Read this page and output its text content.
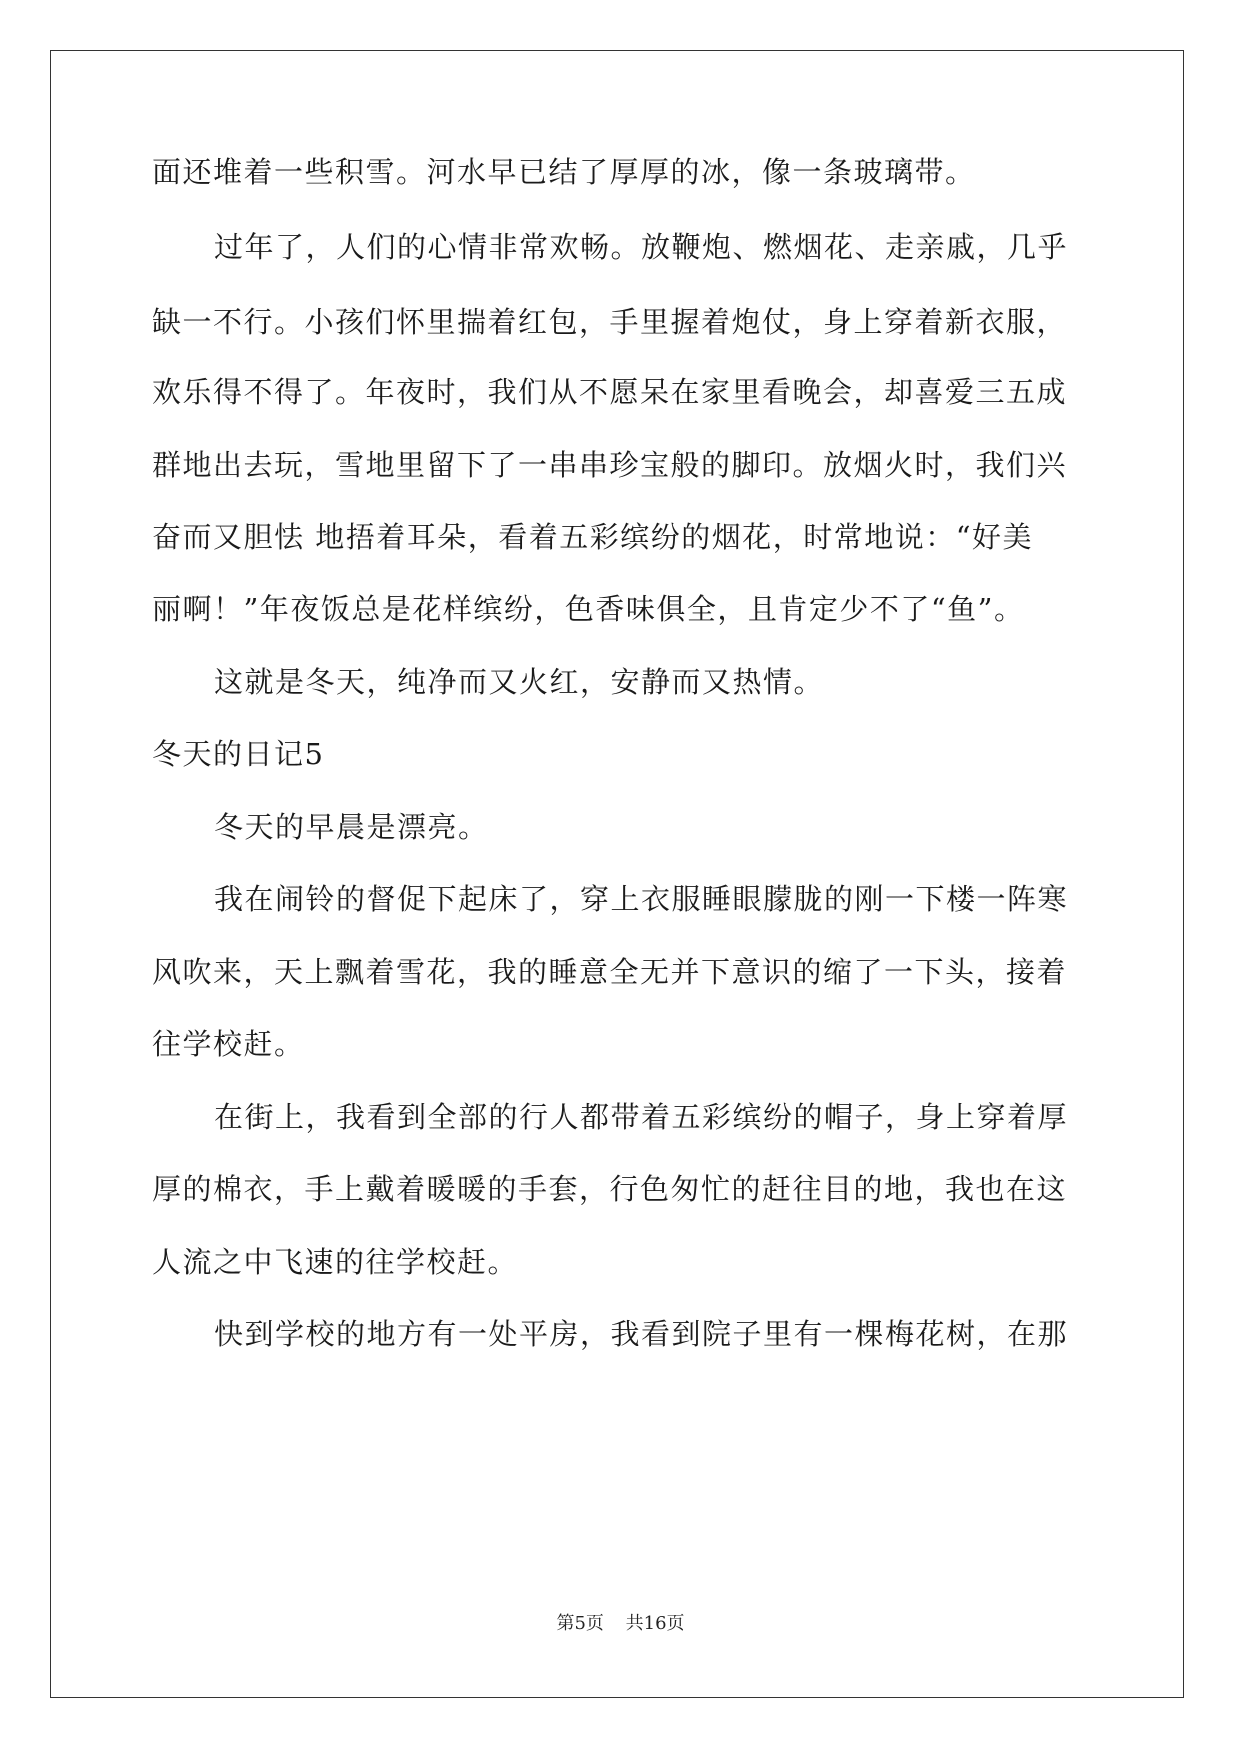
面还堆着一些积雪。河水早已结了厚厚的冰，像一条玻璃带。
过年了，人们的心情非常欢畅。放鞭炮、燃烟花、走亲戚，几乎
缺一不行。小孩们怀里揣着红包，手里握着炮仗，身上穿着新衣服，
欢乐得不得了。年夜时，我们从不愿呆在家里看晚会，却喜爱三五成
群地出去玩，雪地里留下了一串串珍宝般的脚印。放烟火时，我们兴
奋而又胆怯 地捂着耳朵，看着五彩缤纷的烟花，时常地说：“好美
丽啊！”年夜饭总是花样缤纷，色香味俱全，且肯定少不了“鱼”。
这就是冬天，纯净而又火红，安静而又热情。
冬天的日记5
冬天的早晨是漂亮。
我在闹铃的督促下起床了，穿上衣服睡眼朦胧的刚一下楼一阵寒
风吹来，天上飘着雪花，我的睡意全无并下意识的缩了一下头，接着
往学校赶。
在街上，我看到全部的行人都带着五彩缤纷的帽子，身上穿着厚
厚的棉衣，手上戴着暖暖的手套，行色匆忙的赶往目的地，我也在这
人流之中飞速的往学校赶。
快到学校的地方有一处平房，我看到院子里有一棵梅花树，在那
第5页 共16页
